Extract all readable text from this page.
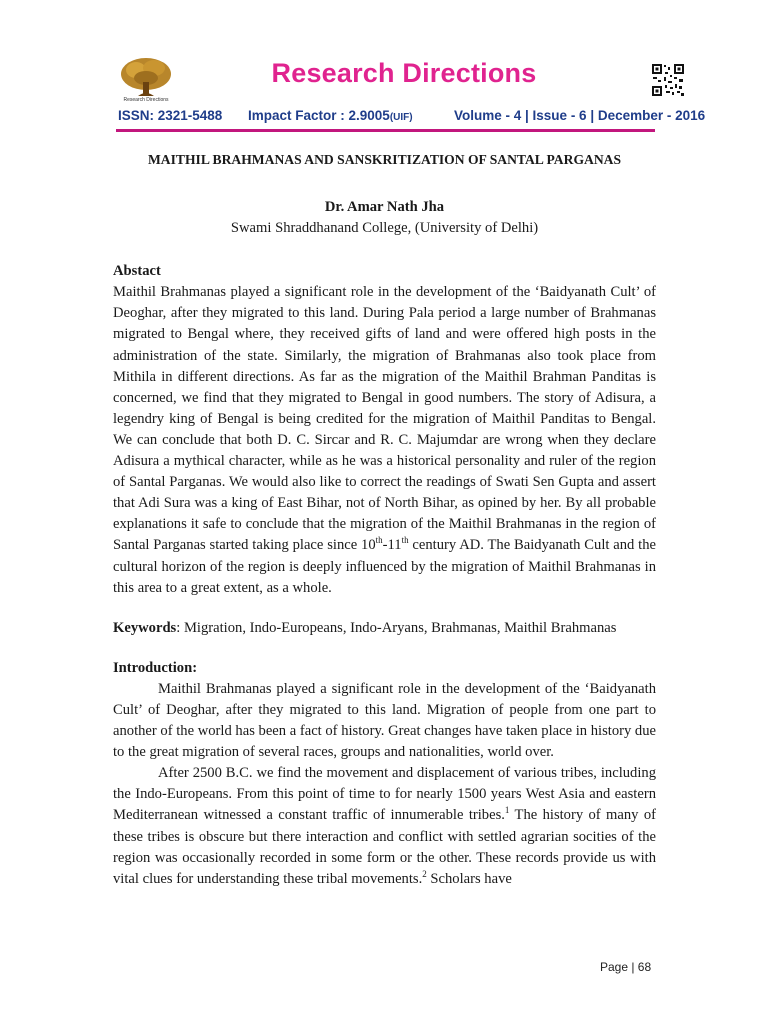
Research Directions
Research Directions
ISSN: 2321-5488 Impact Factor : 2.9005(UIF)	Volume - 4 | Issue - 6 | December - 2016

MAITHIL BRAHMANAS AND SANSKRITIZATION OF SANTAL PARGANAS

Dr. Amar Nath Jha

Swami Shraddhanand College, (University of Delhi)

Abstact

Maithil Brahmanas played a significant role in the development of the ‘Baidyanath Cult’ of Deoghar, after they migrated to this land. During Pala period a large number of Brahmanas migrated to Bengal where, they received gifts of land and were offered high posts in the administration of the state. Similarly, the migration of Brahmanas also took place from Mithila in different directions. As far as the migration of the Maithil Brahman Panditas is concerned, we find that they migrated to Bengal in good numbers. The story of Adisura, a legendry king of Bengal is being credited for the migration of Maithil Panditas to Bengal. We can conclude that both D. C. Sircar and R. C. Majumdar are wrong when they declare Adisura a mythical character, while as he was a historical personality and ruler of the region of Santal Parganas. We would also like to correct the readings of Swati Sen Gupta and assert that Adi Sura was a king of East Bihar, not of North Bihar, as opined by her. By all probable explanations it safe to conclude that the migration of the Maithil Brahmanas in the region of Santal Parganas started taking place since 10th-11th century AD. The Baidyanath Cult and the cultural horizon of the region is deeply influenced by the migration of Maithil Brahmanas in this area to a great extent, as a whole.

Keywords: Migration, Indo-Europeans, Indo-Aryans, Brahmanas, Maithil Brahmanas

Introduction:

Maithil Brahmanas played a significant role in the development of the ‘Baidyanath Cult’ of Deoghar, after they migrated to this land. Migration of people from one part to another of the world has been a fact of history. Great changes have taken place in history due to the great migration of several races, groups and nationalities, world over.

After 2500 B.C. we find the movement and displacement of various tribes, including the Indo-Europeans. From this point of time to for nearly 1500 years West Asia and eastern Mediterranean witnessed a constant traffic of innumerable tribes.$^1$ The history of many of these tribes is obscure but there interaction and conflict with settled agrarian socities of the region was occasionally recorded in some form or the other. These records provide us with vital clues for understanding these tribal movements.$^2$ Scholars have

Page | 68
